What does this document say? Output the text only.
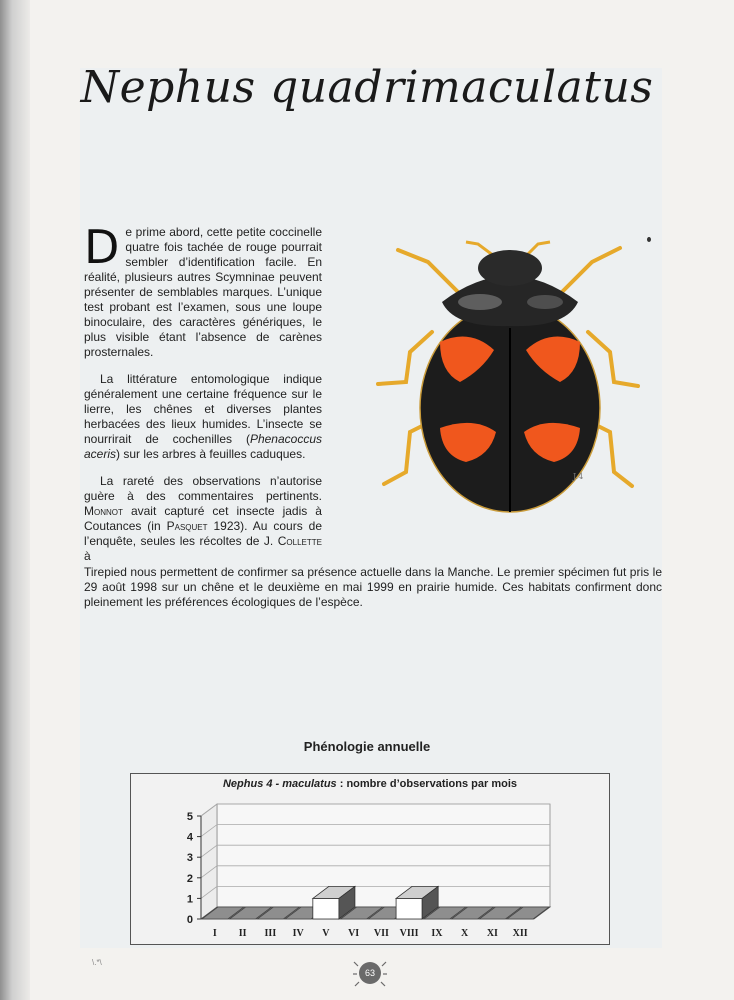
Nephus quadrimaculatus

De prime abord, cette petite coccinelle quatre fois tachée de rouge pourrait sembler d’identification facile. En réalité, plusieurs autres Scymninae peuvent présenter de semblables marques. L’unique test probant est l’examen, sous une loupe binoculaire, des caractères génériques, le plus visible étant l’absence de carènes prosternales.

La littérature entomologique indique généralement une certaine fréquence sur le lierre, les chênes et diverses plantes herbacées des lieux humides. L’insecte se nourrirait de cochenilles (Phenacoccus aceris) sur les arbres à feuilles caduques.

La rareté des observations n’autorise guère à des commentaires pertinents. Monnot avait capturé cet insecte jadis à Coutances (in Pasquet 1923). Au cours de l’enquête, seules les récoltes de J. Collette à

Tirepied nous permettent de confirmer sa présence actuelle dans la Manche. Le premier spécimen fut pris le 29 août 1998 sur un chêne et le deuxième en mai 1999 en prairie humide. Ces habitats confirment donc pleinement les préférences écologiques de l’espèce.
J.4
Phénologie annuelle
Nephus 4 - maculatus : nombre d’observations par mois
0
1
2
3
4
5
I II III IV V VI VII VIII IX X XI XII
63
\.*\
